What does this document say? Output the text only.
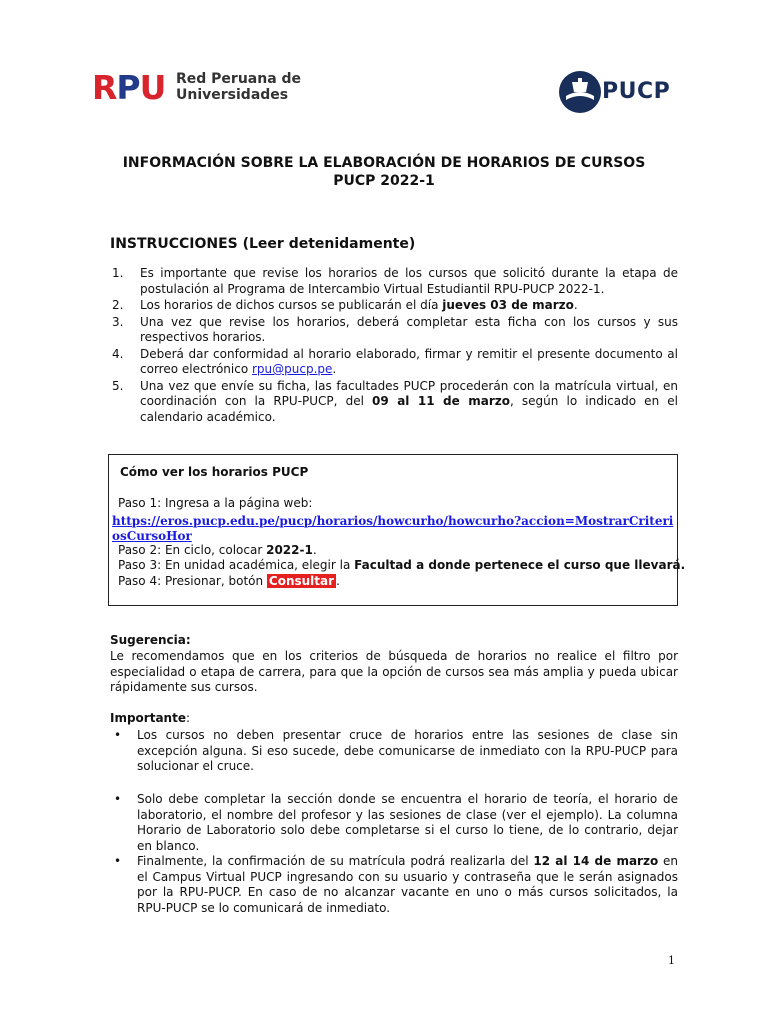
RPU Red Peruana de
Universidades	PUCP
INFORMACIÓN SOBRE LA ELABORACIÓN DE HORARIOS DE CURSOS
PUCP 2022-1
INSTRUCCIONES (Leer detenidamente)
1. Es importante que revise los horarios de los cursos que solicitó durante la etapa de postulación al Programa de Intercambio Virtual Estudiantil RPU-PUCP 2022-1.
2. Los horarios de dichos cursos se publicarán el día jueves 03 de marzo.
3. Una vez que revise los horarios, deberá completar esta ficha con los cursos y sus respectivos horarios.
4. Deberá dar conformidad al horario elaborado, firmar y remitir el presente documento al correo electrónico rpu@pucp.pe.
5. Una vez que envíe su ficha, las facultades PUCP procederán con la matrícula virtual, en coordinación con la RPU-PUCP, del 09 al 11 de marzo, según lo indicado en el calendario académico.
Cómo ver los horarios PUCP
Paso 1: Ingresa a la página web:
https://eros.pucp.edu.pe/pucp/horarios/howcurho/howcurho?accion=MostrarCriteriosCursoHor
Paso 2: En ciclo, colocar 2022-1.
Paso 3: En unidad académica, elegir la Facultad a donde pertenece el curso que llevará.
Paso 4: Presionar, botón Consultar .
Sugerencia:
Le recomendamos que en los criterios de búsqueda de horarios no realice el filtro por especialidad o etapa de carrera, para que la opción de cursos sea más amplia y pueda ubicar rápidamente sus cursos.
Importante:
• Los cursos no deben presentar cruce de horarios entre las sesiones de clase sin excepción alguna. Si eso sucede, debe comunicarse de inmediato con la RPU-PUCP para solucionar el cruce.
• Solo debe completar la sección donde se encuentra el horario de teoría, el horario de laboratorio, el nombre del profesor y las sesiones de clase (ver el ejemplo). La columna Horario de Laboratorio solo debe completarse si el curso lo tiene, de lo contrario, dejar en blanco.
• Finalmente, la confirmación de su matrícula podrá realizarla del 12 al 14 de marzo en el Campus Virtual PUCP ingresando con su usuario y contraseña que le serán asignados por la RPU-PUCP. En caso de no alcanzar vacante en uno o más cursos solicitados, la RPU-PUCP se lo comunicará de inmediato.
1
